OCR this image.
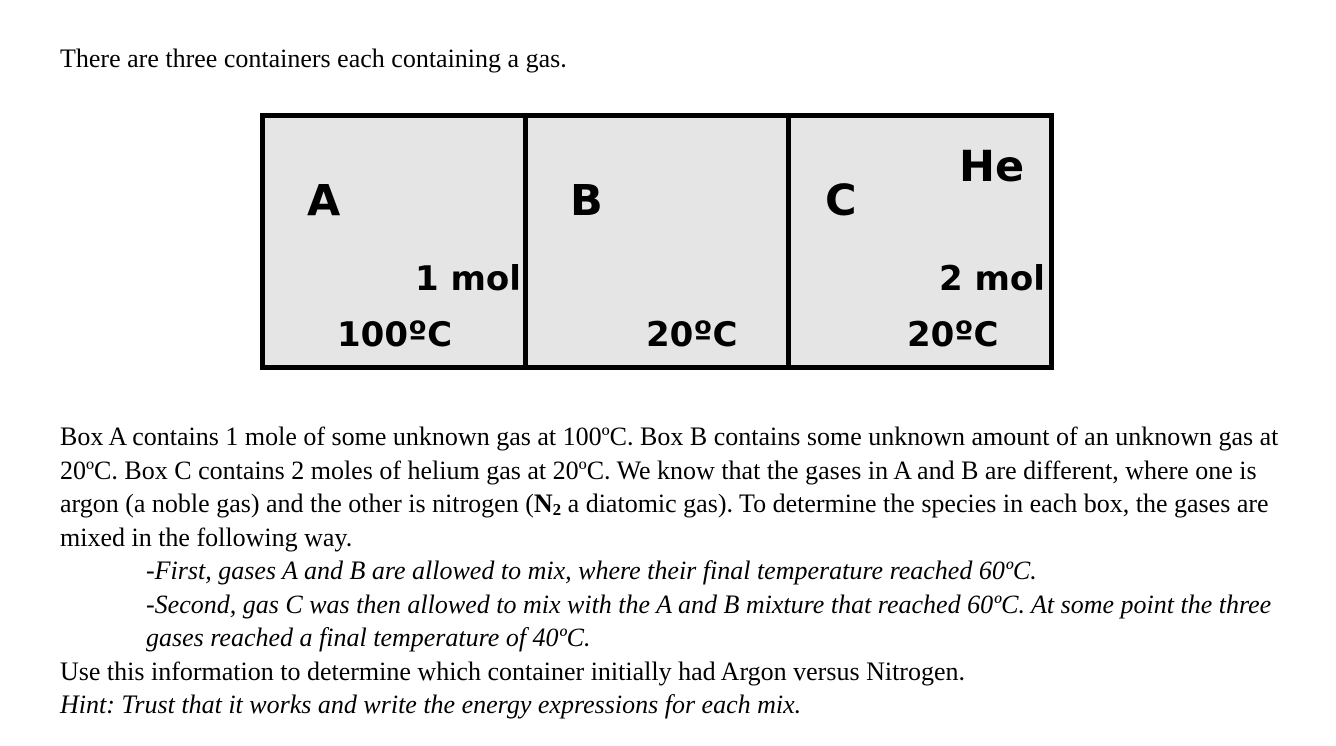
There are three containers each containing a gas.
A
1 mol
100ºC
B
20ºC
C
He
2 mol
20ºC

Box A contains 1 mole of some unknown gas at 100ºC. Box B contains some unknown amount of an unknown gas at 20ºC. Box C contains 2 moles of helium gas at 20ºC. We know that the gases in A and B are different, where one is argon (a noble gas) and the other is nitrogen ($N_2$ a diatomic gas). To determine the species in each box, the gases are mixed in the following way.

-First, gases A and B are allowed to mix, where their final temperature reached 60ºC.

-Second, gas C was then allowed to mix with the A and B mixture that reached 60ºC. At some point the three gases reached a final temperature of 40ºC.

Use this information to determine which container initially had Argon versus Nitrogen.

Hint: Trust that it works and write the energy expressions for each mix.
